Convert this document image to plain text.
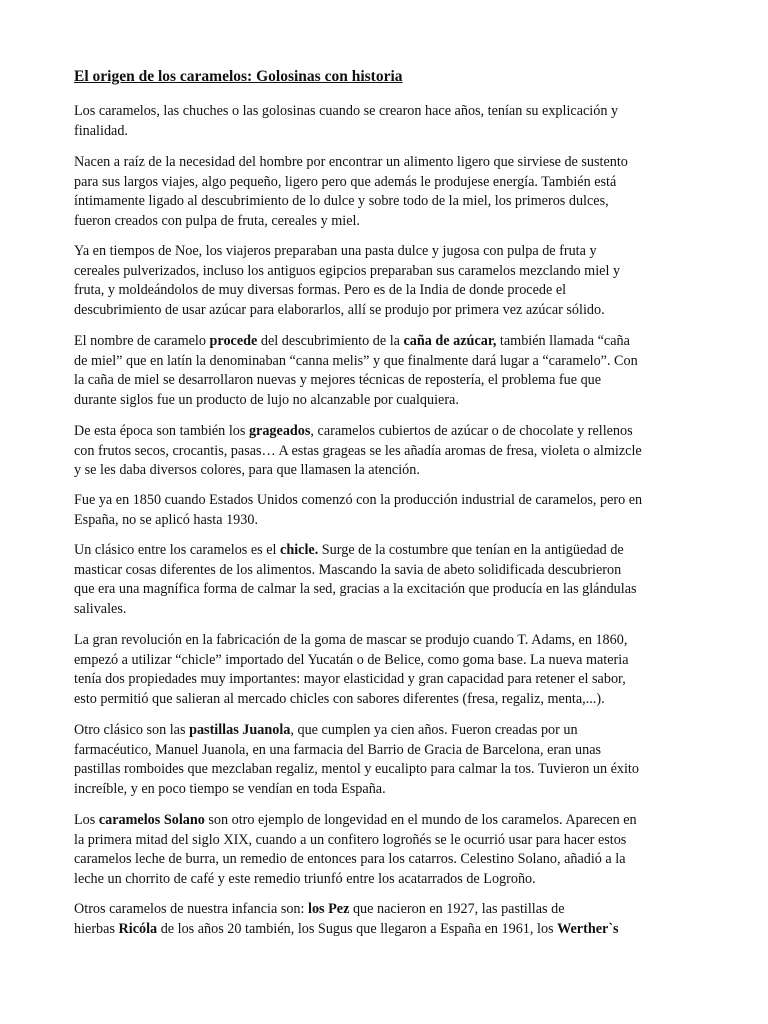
El origen de los caramelos: Golosinas con historia

Los caramelos, las chuches o las golosinas cuando se crearon hace años, tenían su explicación y
finalidad.

Nacen a raíz de la necesidad del hombre por encontrar un alimento ligero que sirviese de sustento
para sus largos viajes, algo pequeño, ligero pero que además le produjese energía. También está
íntimamente ligado al descubrimiento de lo dulce y sobre todo de la miel, los primeros dulces,
fueron creados con pulpa de fruta, cereales y miel.

Ya en tiempos de Noe, los viajeros preparaban una pasta dulce y jugosa con pulpa de fruta y
cereales pulverizados, incluso los antiguos egipcios preparaban sus caramelos mezclando miel y
fruta, y moldeándolos de muy diversas formas. Pero es de la India de donde procede el
descubrimiento de usar azúcar para elaborarlos, allí se produjo por primera vez azúcar sólido.

El nombre de caramelo procede del descubrimiento de la caña de azúcar, también llamada “caña
de miel” que en latín la denominaban “canna melis” y que finalmente dará lugar a “caramelo”. Con
la caña de miel se desarrollaron nuevas y mejores técnicas de repostería, el problema fue que
durante siglos fue un producto de lujo no alcanzable por cualquiera.

De esta época son también los grageados, caramelos cubiertos de azúcar o de chocolate y rellenos
con frutos secos, crocantis, pasas… A estas grageas se les añadía aromas de fresa, violeta o almizcle
y se les daba diversos colores, para que llamasen la atención.

Fue ya en 1850 cuando Estados Unidos comenzó con la producción industrial de caramelos, pero en
España, no se aplicó hasta 1930.

Un clásico entre los caramelos es el chicle. Surge de la costumbre que tenían en la antigüedad de
masticar cosas diferentes de los alimentos. Mascando la savia de abeto solidificada descubrieron
que era una magnífica forma de calmar la sed, gracias a la excitación que producía en las glándulas
salivales.

La gran revolución en la fabricación de la goma de mascar se produjo cuando T. Adams, en 1860,
empezó a utilizar “chicle” importado del Yucatán o de Belice, como goma base. La nueva materia
tenía dos propiedades muy importantes: mayor elasticidad y gran capacidad para retener el sabor,
esto permitió que salieran al mercado chicles con sabores diferentes (fresa, regaliz, menta,...).

Otro clásico son las pastillas Juanola, que cumplen ya cien años. Fueron creadas por un
farmacéutico, Manuel Juanola, en una farmacia del Barrio de Gracia de Barcelona, eran unas
pastillas romboides que mezclaban regaliz, mentol y eucalipto para calmar la tos. Tuvieron un éxito
increíble, y en poco tiempo se vendían en toda España.

Los caramelos Solano son otro ejemplo de longevidad en el mundo de los caramelos. Aparecen en
la primera mitad del siglo XIX, cuando a un confitero logroñés se le ocurrió usar para hacer estos
caramelos leche de burra, un remedio de entonces para los catarros. Celestino Solano, añadió a la
leche un chorrito de café y este remedio triunfó entre los acatarrados de Logroño.

Otros caramelos de nuestra infancia son: los Pez que nacieron en 1927, las pastillas de
hierbas Ricóla de los años 20 también, los Sugus que llegaron a España en 1961, los Werther`s
